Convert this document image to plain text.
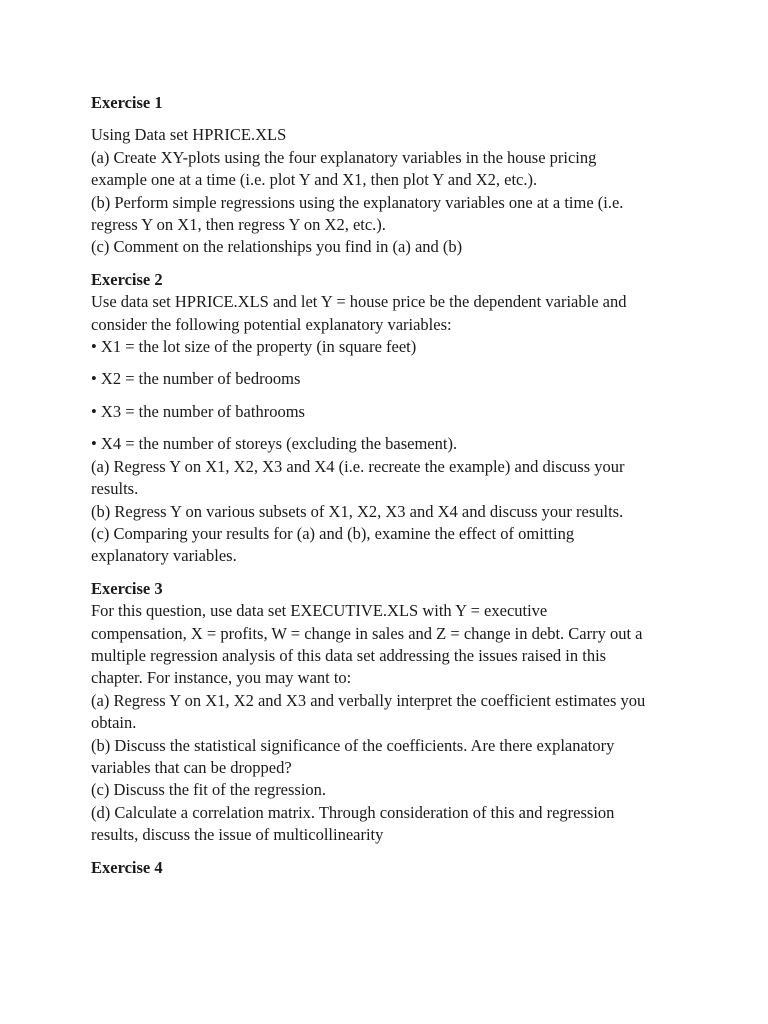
Exercise 1

Using Data set HPRICE.XLS
(a) Create XY-plots using the four explanatory variables in the house pricing
example one at a time (i.e. plot Y and X1, then plot Y and X2, etc.).
(b) Perform simple regressions using the explanatory variables one at a time (i.e.
regress Y on X1, then regress Y on X2, etc.).
(c) Comment on the relationships you find in (a) and (b)

Exercise 2

Use data set HPRICE.XLS and let Y = house price be the dependent variable and
consider the following potential explanatory variables:
• X1 = the lot size of the property (in square feet)
• X2 = the number of bedrooms
• X3 = the number of bathrooms
• X4 = the number of storeys (excluding the basement).
(a) Regress Y on X1, X2, X3 and X4 (i.e. recreate the example) and discuss your
results.
(b) Regress Y on various subsets of X1, X2, X3 and X4 and discuss your results.
(c) Comparing your results for (a) and (b), examine the effect of omitting
explanatory variables.

Exercise 3

For this question, use data set EXECUTIVE.XLS with Y = executive
compensation, X = profits, W = change in sales and Z = change in debt. Carry out a
multiple regression analysis of this data set addressing the issues raised in this
chapter. For instance, you may want to:
(a) Regress Y on X1, X2 and X3 and verbally interpret the coefficient estimates you
obtain.
(b) Discuss the statistical significance of the coefficients. Are there explanatory
variables that can be dropped?
(c) Discuss the fit of the regression.
(d) Calculate a correlation matrix. Through consideration of this and regression
results, discuss the issue of multicollinearity

Exercise 4
